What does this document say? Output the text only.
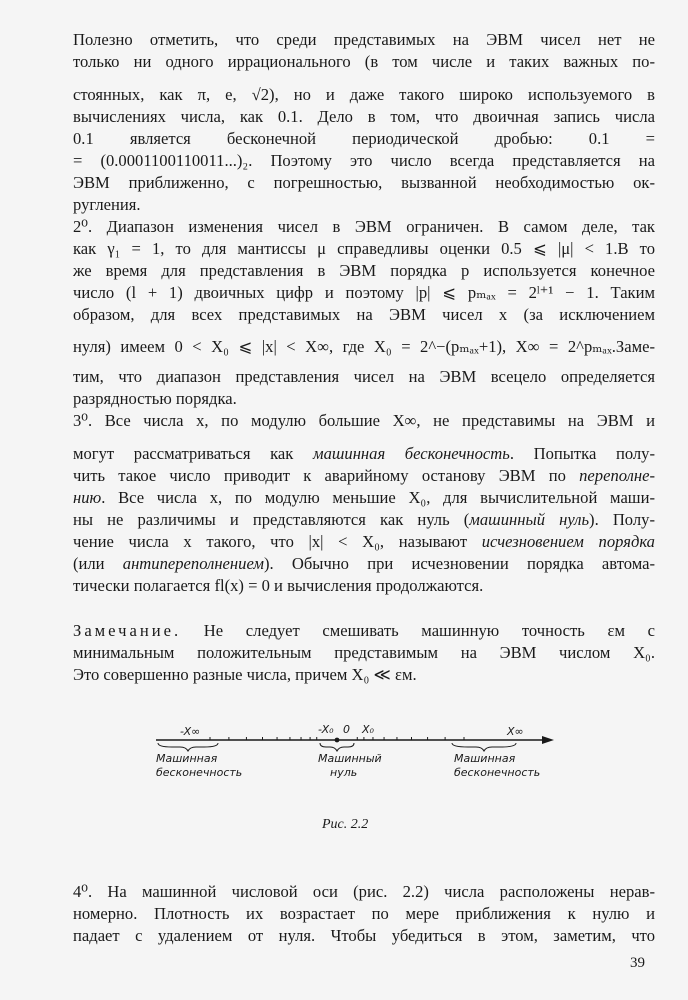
Полезно отметить, что среди представимых на ЭВМ чисел нет не
только ни одного иррационального (в том числе и таких важных по-
стоянных, как π, e, √2), но и даже такого широко используемого в
вычислениях числа, как 0.1. Дело в том, что двоичная запись числа
0.1 является бесконечной периодической дробью: 0.1 =
= (0.0001100110011...)₂. Поэтому это число всегда представляется на
ЭВМ приближенно, с погрешностью, вызванной необходимостью ок-
ругления.
2⁰. Диапазон изменения чисел в ЭВМ ограничен. В самом деле, так
как γ₁ = 1, то для мантиссы μ справедливы оценки 0.5 ⩽ |μ| < 1.В то
же время для представления в ЭВМ порядка p используется конечное
число (l + 1) двоичных цифр и поэтому |p| ⩽ pₘₐₓ = 2ˡ⁺¹ − 1. Таким
образом, для всех представимых на ЭВМ чисел x (за исключением
нуля) имеем 0 < X₀ ⩽ |x| < X∞, где X₀ = 2^−(pₘₐₓ+1), X∞ = 2^pₘₐₓ.Заме-
тим, что диапазон представления чисел на ЭВМ всецело определяется
разрядностью порядка.
3⁰. Все числа x, по модулю большие X∞, не представимы на ЭВМ и
могут рассматриваться как машинная бесконечность. Попытка полу-
чить такое число приводит к аварийному останову ЭВМ по переполне-
нию. Все числа x, по модулю меньшие X₀, для вычислительной маши-
ны не различимы и представляются как нуль (машинный нуль). Полу-
чение числа x такого, что |x| < X₀, называют исчезновением порядка
(или антипереполнением). Обычно при исчезновении порядка автома-
тически полагается fl(x) = 0 и вычисления продолжаются.
Замечание. Не следует смешивать машинную точность εм с
минимальным положительным представимым на ЭВМ числом X₀.
Это совершенно разные числа, причем X₀ ≪ εм.
-X∞	-X₀ 0 X₀	X∞
Машинная
бесконечность
Машинный
нуль
Машинная
бесконечность
Рис. 2.2
4⁰. На машинной числовой оси (рис. 2.2) числа расположены нерав-
номерно. Плотность их возрастает по мере приближения к нулю и
падает с удалением от нуля. Чтобы убедиться в этом, заметим, что
39
